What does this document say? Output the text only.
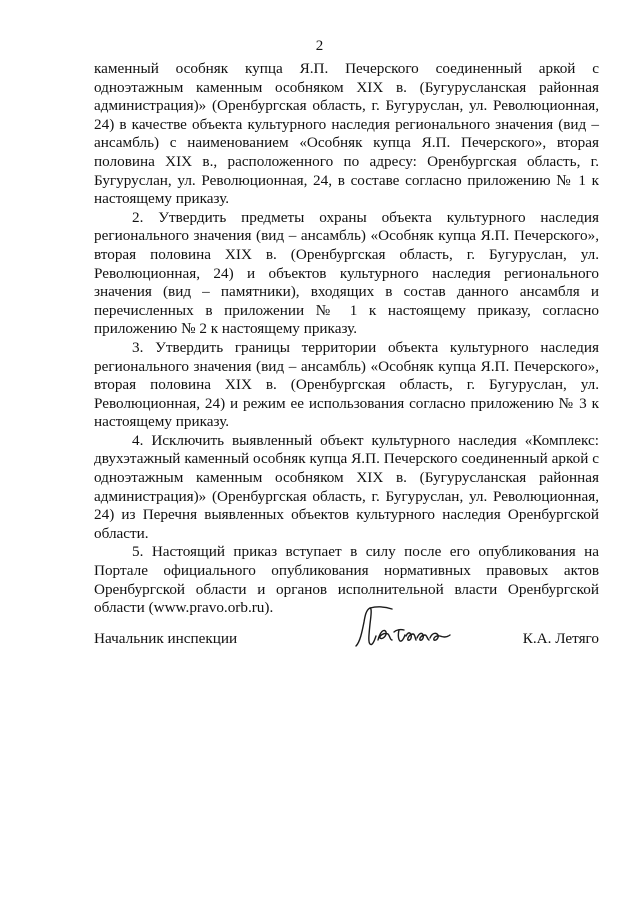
2

каменный особняк купца Я.П. Печерского соединенный аркой с одноэтажным каменным особняком XIX в. (Бугурусланская районная администрация)» (Оренбургская область, г. Бугуруслан, ул. Революционная, 24) в качестве объекта культурного наследия регионального значения (вид – ансамбль) с наименованием «Особняк купца Я.П. Печерского», вторая половина XIX в., расположенного по адресу: Оренбургская область, г. Бугуруслан, ул. Революционная, 24, в составе согласно приложению № 1 к настоящему приказу.

2. Утвердить предметы охраны объекта культурного наследия регионального значения (вид – ансамбль) «Особняк купца Я.П. Печерского», вторая половина XIX в. (Оренбургская область, г. Бугуруслан, ул. Революционная, 24) и объектов культурного наследия регионального значения (вид – памятники), входящих в состав данного ансамбля и перечисленных в приложении № 1 к настоящему приказу, согласно приложению № 2 к настоящему приказу.

3. Утвердить границы территории объекта культурного наследия регионального значения (вид – ансамбль) «Особняк купца Я.П. Печерского», вторая половина XIX в. (Оренбургская область, г. Бугуруслан, ул. Революционная, 24) и режим ее использования согласно приложению № 3 к настоящему приказу.

4. Исключить выявленный объект культурного наследия «Комплекс: двухэтажный каменный особняк купца Я.П. Печерского соединенный аркой с одноэтажным каменным особняком XIX в. (Бугурусланская районная администрация)» (Оренбургская область, г. Бугуруслан, ул. Революционная, 24) из Перечня выявленных объектов культурного наследия Оренбургской области.

5. Настоящий приказ вступает в силу после его опубликования на Портале официального опубликования нормативных правовых актов Оренбургской области и органов исполнительной власти Оренбургской области (www.pravo.orb.ru).

Начальник инспекции	К.А. Летяго
